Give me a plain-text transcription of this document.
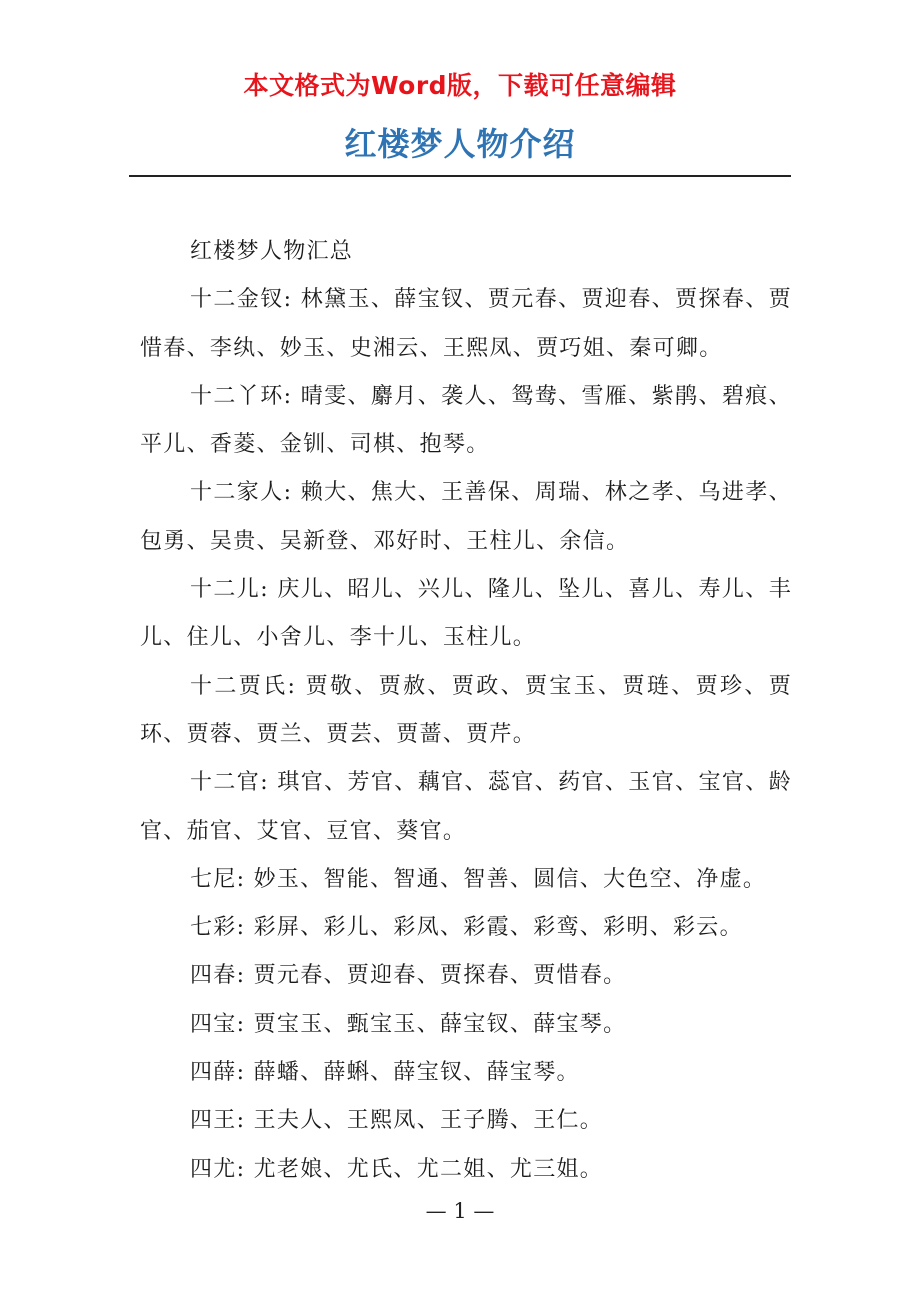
本文格式为Word版，下载可任意编辑
红楼梦人物介绍

红楼梦人物汇总

十二金钗: 林黛玉、薛宝钗、贾元春、贾迎春、贾探春、贾惜春、李纨、妙玉、史湘云、王熙凤、贾巧姐、秦可卿。

十二丫环: 晴雯、麝月、袭人、鸳鸯、雪雁、紫鹃、碧痕、平儿、香菱、金钏、司棋、抱琴。

十二家人: 赖大、焦大、王善保、周瑞、林之孝、乌进孝、包勇、吴贵、吴新登、邓好时、王柱儿、余信。

十二儿: 庆儿、昭儿、兴儿、隆儿、坠儿、喜儿、寿儿、丰儿、住儿、小舍儿、李十儿、玉柱儿。

十二贾氏: 贾敬、贾赦、贾政、贾宝玉、贾琏、贾珍、贾环、贾蓉、贾兰、贾芸、贾蔷、贾芹。

十二官: 琪官、芳官、藕官、蕊官、药官、玉官、宝官、龄官、茄官、艾官、豆官、葵官。

七尼: 妙玉、智能、智通、智善、圆信、大色空、净虚。

七彩: 彩屏、彩儿、彩凤、彩霞、彩鸾、彩明、彩云。

四春: 贾元春、贾迎春、贾探春、贾惜春。

四宝: 贾宝玉、甄宝玉、薛宝钗、薛宝琴。

四薛: 薛蟠、薛蝌、薛宝钗、薛宝琴。

四王: 王夫人、王熙凤、王子腾、王仁。

四尤: 尤老娘、尤氏、尤二姐、尤三姐。

— 1 —
